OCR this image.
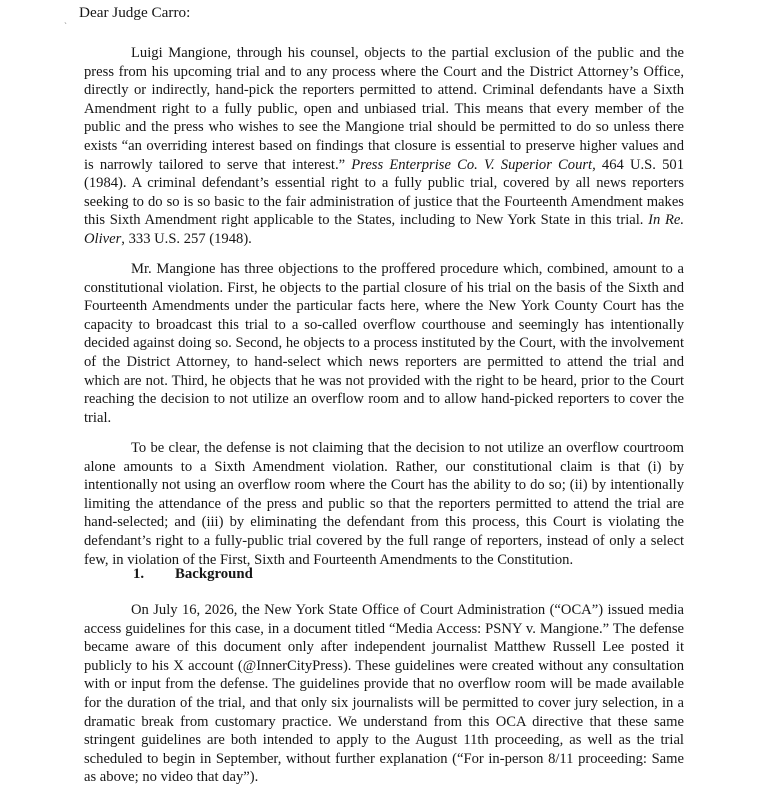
ˎ Dear Judge Carro:

Luigi Mangione, through his counsel, objects to the partial exclusion of the public and the press from his upcoming trial and to any process where the Court and the District Attorney’s Office, directly or indirectly, hand-pick the reporters permitted to attend. Criminal defendants have a Sixth Amendment right to a fully public, open and unbiased trial. This means that every member of the public and the press who wishes to see the Mangione trial should be permitted to do so unless there exists “an overriding interest based on findings that closure is essential to preserve higher values and is narrowly tailored to serve that interest.” Press Enterprise Co. V. Superior Court, 464 U.S. 501 (1984). A criminal defendant’s essential right to a fully public trial, covered by all news reporters seeking to do so is so basic to the fair administration of justice that the Fourteenth Amendment makes this Sixth Amendment right applicable to the States, including to New York State in this trial. In Re. Oliver, 333 U.S. 257 (1948).

Mr. Mangione has three objections to the proffered procedure which, combined, amount to a constitutional violation. First, he objects to the partial closure of his trial on the basis of the Sixth and Fourteenth Amendments under the particular facts here, where the New York County Court has the capacity to broadcast this trial to a so-called overflow courthouse and seemingly has intentionally decided against doing so. Second, he objects to a process instituted by the Court, with the involvement of the District Attorney, to hand-select which news reporters are permitted to attend the trial and which are not. Third, he objects that he was not provided with the right to be heard, prior to the Court reaching the decision to not utilize an overflow room and to allow hand-picked reporters to cover the trial.

To be clear, the defense is not claiming that the decision to not utilize an overflow courtroom alone amounts to a Sixth Amendment violation. Rather, our constitutional claim is that (i) by intentionally not using an overflow room where the Court has the ability to do so; (ii) by intentionally limiting the attendance of the press and public so that the reporters permitted to attend the trial are hand-selected; and (iii) by eliminating the defendant from this process, this Court is violating the defendant’s right to a fully-public trial covered by the full range of reporters, instead of only a select few, in violation of the First, Sixth and Fourteenth Amendments to the Constitution.

1. Background

On July 16, 2026, the New York State Office of Court Administration (“OCA”) issued media access guidelines for this case, in a document titled “Media Access: PSNY v. Mangione.” The defense became aware of this document only after independent journalist Matthew Russell Lee posted it publicly to his X account (@InnerCityPress). These guidelines were created without any consultation with or input from the defense. The guidelines provide that no overflow room will be made available for the duration of the trial, and that only six journalists will be permitted to cover jury selection, in a dramatic break from customary practice. We understand from this OCA directive that these same stringent guidelines are both intended to apply to the August 11th proceeding, as well as the trial scheduled to begin in September, without further explanation (“For in-person 8/11 proceeding: Same as above; no video that day”).
